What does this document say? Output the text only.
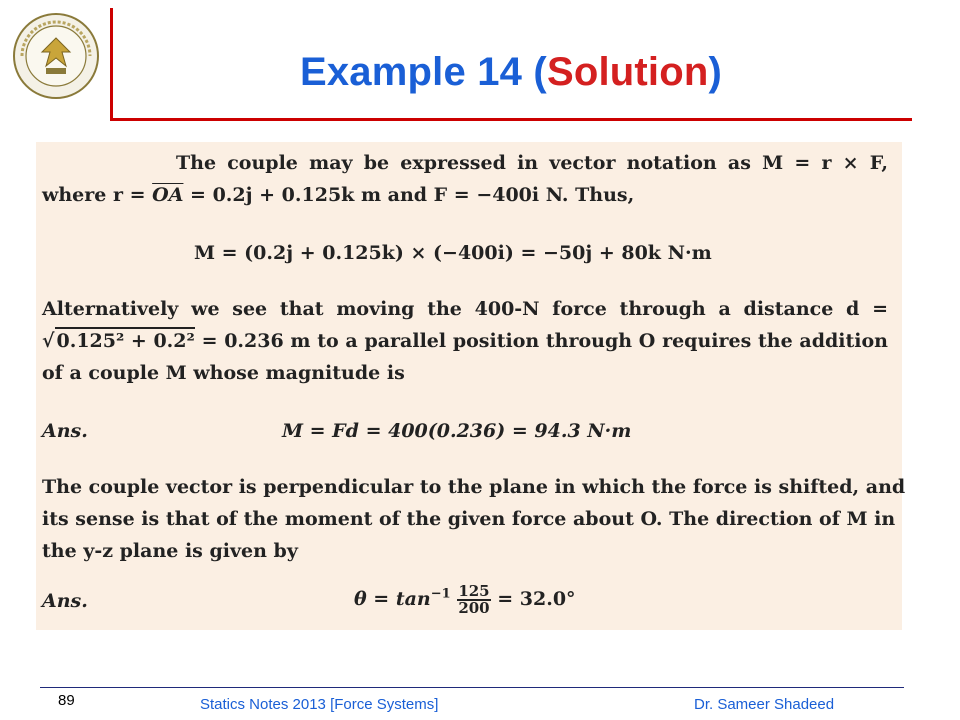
Example 14 (Solution)
The couple may be expressed in vector notation as M = r × F,
where $r = \overline{OA} = 0.2j + 0.125k$ m and F = −400i N. Thus,
M = (0.2j + 0.125k) × (−400i) = −50j + 80k N·m
Alternatively we see that moving the 400-N force through a distance d =
√ 0.125² + 0.2² = 0.236 m to a parallel position through O requires the addition
of a couple M whose magnitude is
M = Fd = 400(0.236) = 94.3 N·m
Ans.
The couple vector is perpendicular to the plane in which the force is shifted, and
its sense is that of the moment of the given force about O. The direction of M in
the y-z plane is given by
$\theta = \tan^{-1} \frac{125}{200} = 32.0^\circ$
Ans.
89	Statics Notes 2013 [Force Systems]	Dr. Sameer Shadeed
